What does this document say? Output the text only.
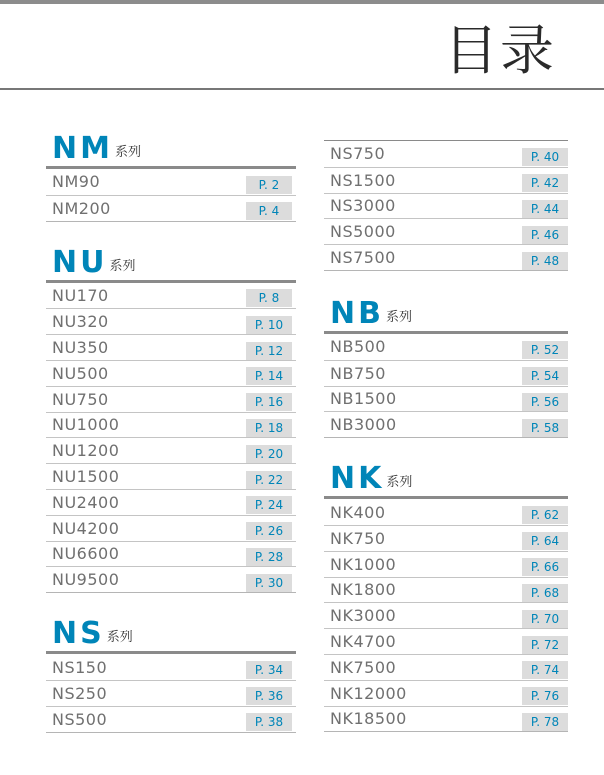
目录
NM 系列
NM90	P. 2
NM200	P. 4
NU 系列
NU170	P. 8
NU320	P. 10
NU350	P. 12
NU500	P. 14
NU750	P. 16
NU1000	P. 18
NU1200	P. 20
NU1500	P. 22
NU2400	P. 24
NU4200	P. 26
NU6600	P. 28
NU9500	P. 30
NS 系列
NS150	P. 34
NS250	P. 36
NS500	P. 38
NS750	P. 40
NS1500	P. 42
NS3000	P. 44
NS5000	P. 46
NS7500	P. 48
NB 系列
NB500	P. 52
NB750	P. 54
NB1500	P. 56
NB3000	P. 58
NK 系列
NK400	P. 62
NK750	P. 64
NK1000	P. 66
NK1800	P. 68
NK3000	P. 70
NK4700	P. 72
NK7500	P. 74
NK12000	P. 76
NK18500	P. 78
